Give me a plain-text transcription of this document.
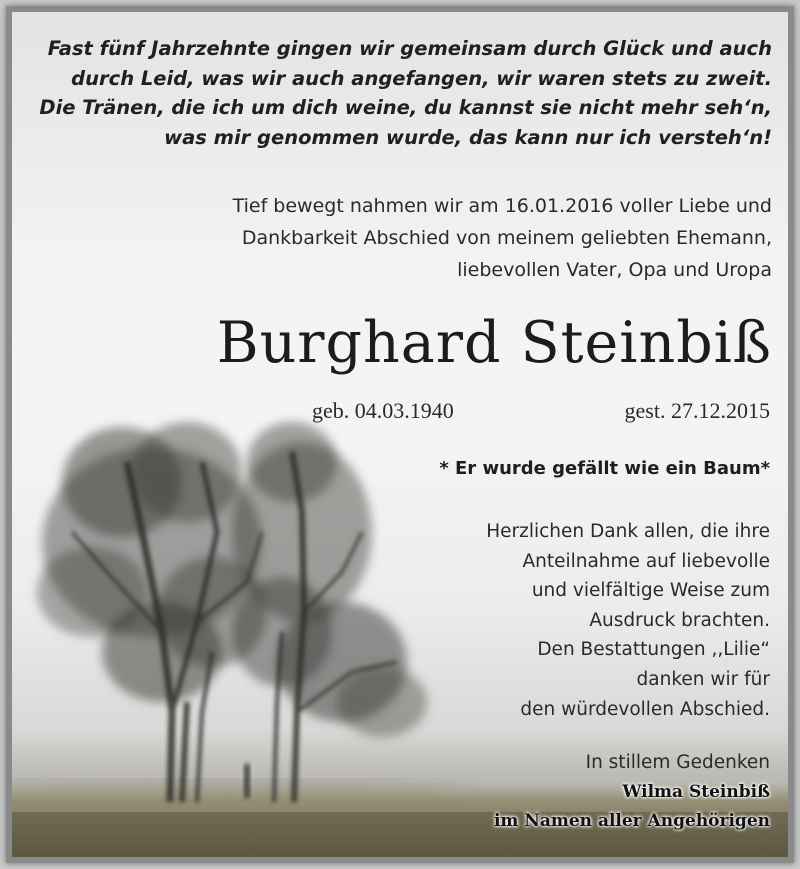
Fast fünf Jahrzehnte gingen wir gemeinsam durch Glück und auch
durch Leid, was wir auch angefangen, wir waren stets zu zweit.
Die Tränen, die ich um dich weine, du kannst sie nicht mehr seh‘n,
was mir genommen wurde, das kann nur ich versteh‘n!
Tief bewegt nahmen wir am 16.01.2016 voller Liebe und
Dankbarkeit Abschied von meinem geliebten Ehemann,
liebevollen Vater, Opa und Uropa
Burghard Steinbiß
geb. 04.03.1940	gest. 27.12.2015
* Er wurde gefällt wie ein Baum*
Herzlichen Dank allen, die ihre
Anteilnahme auf liebevolle
und vielfältige Weise zum
Ausdruck brachten.
Den Bestattungen ,,Lilie“
danken wir für
den würdevollen Abschied.
In stillem Gedenken
Wilma Steinbiß
im Namen aller Angehörigen
